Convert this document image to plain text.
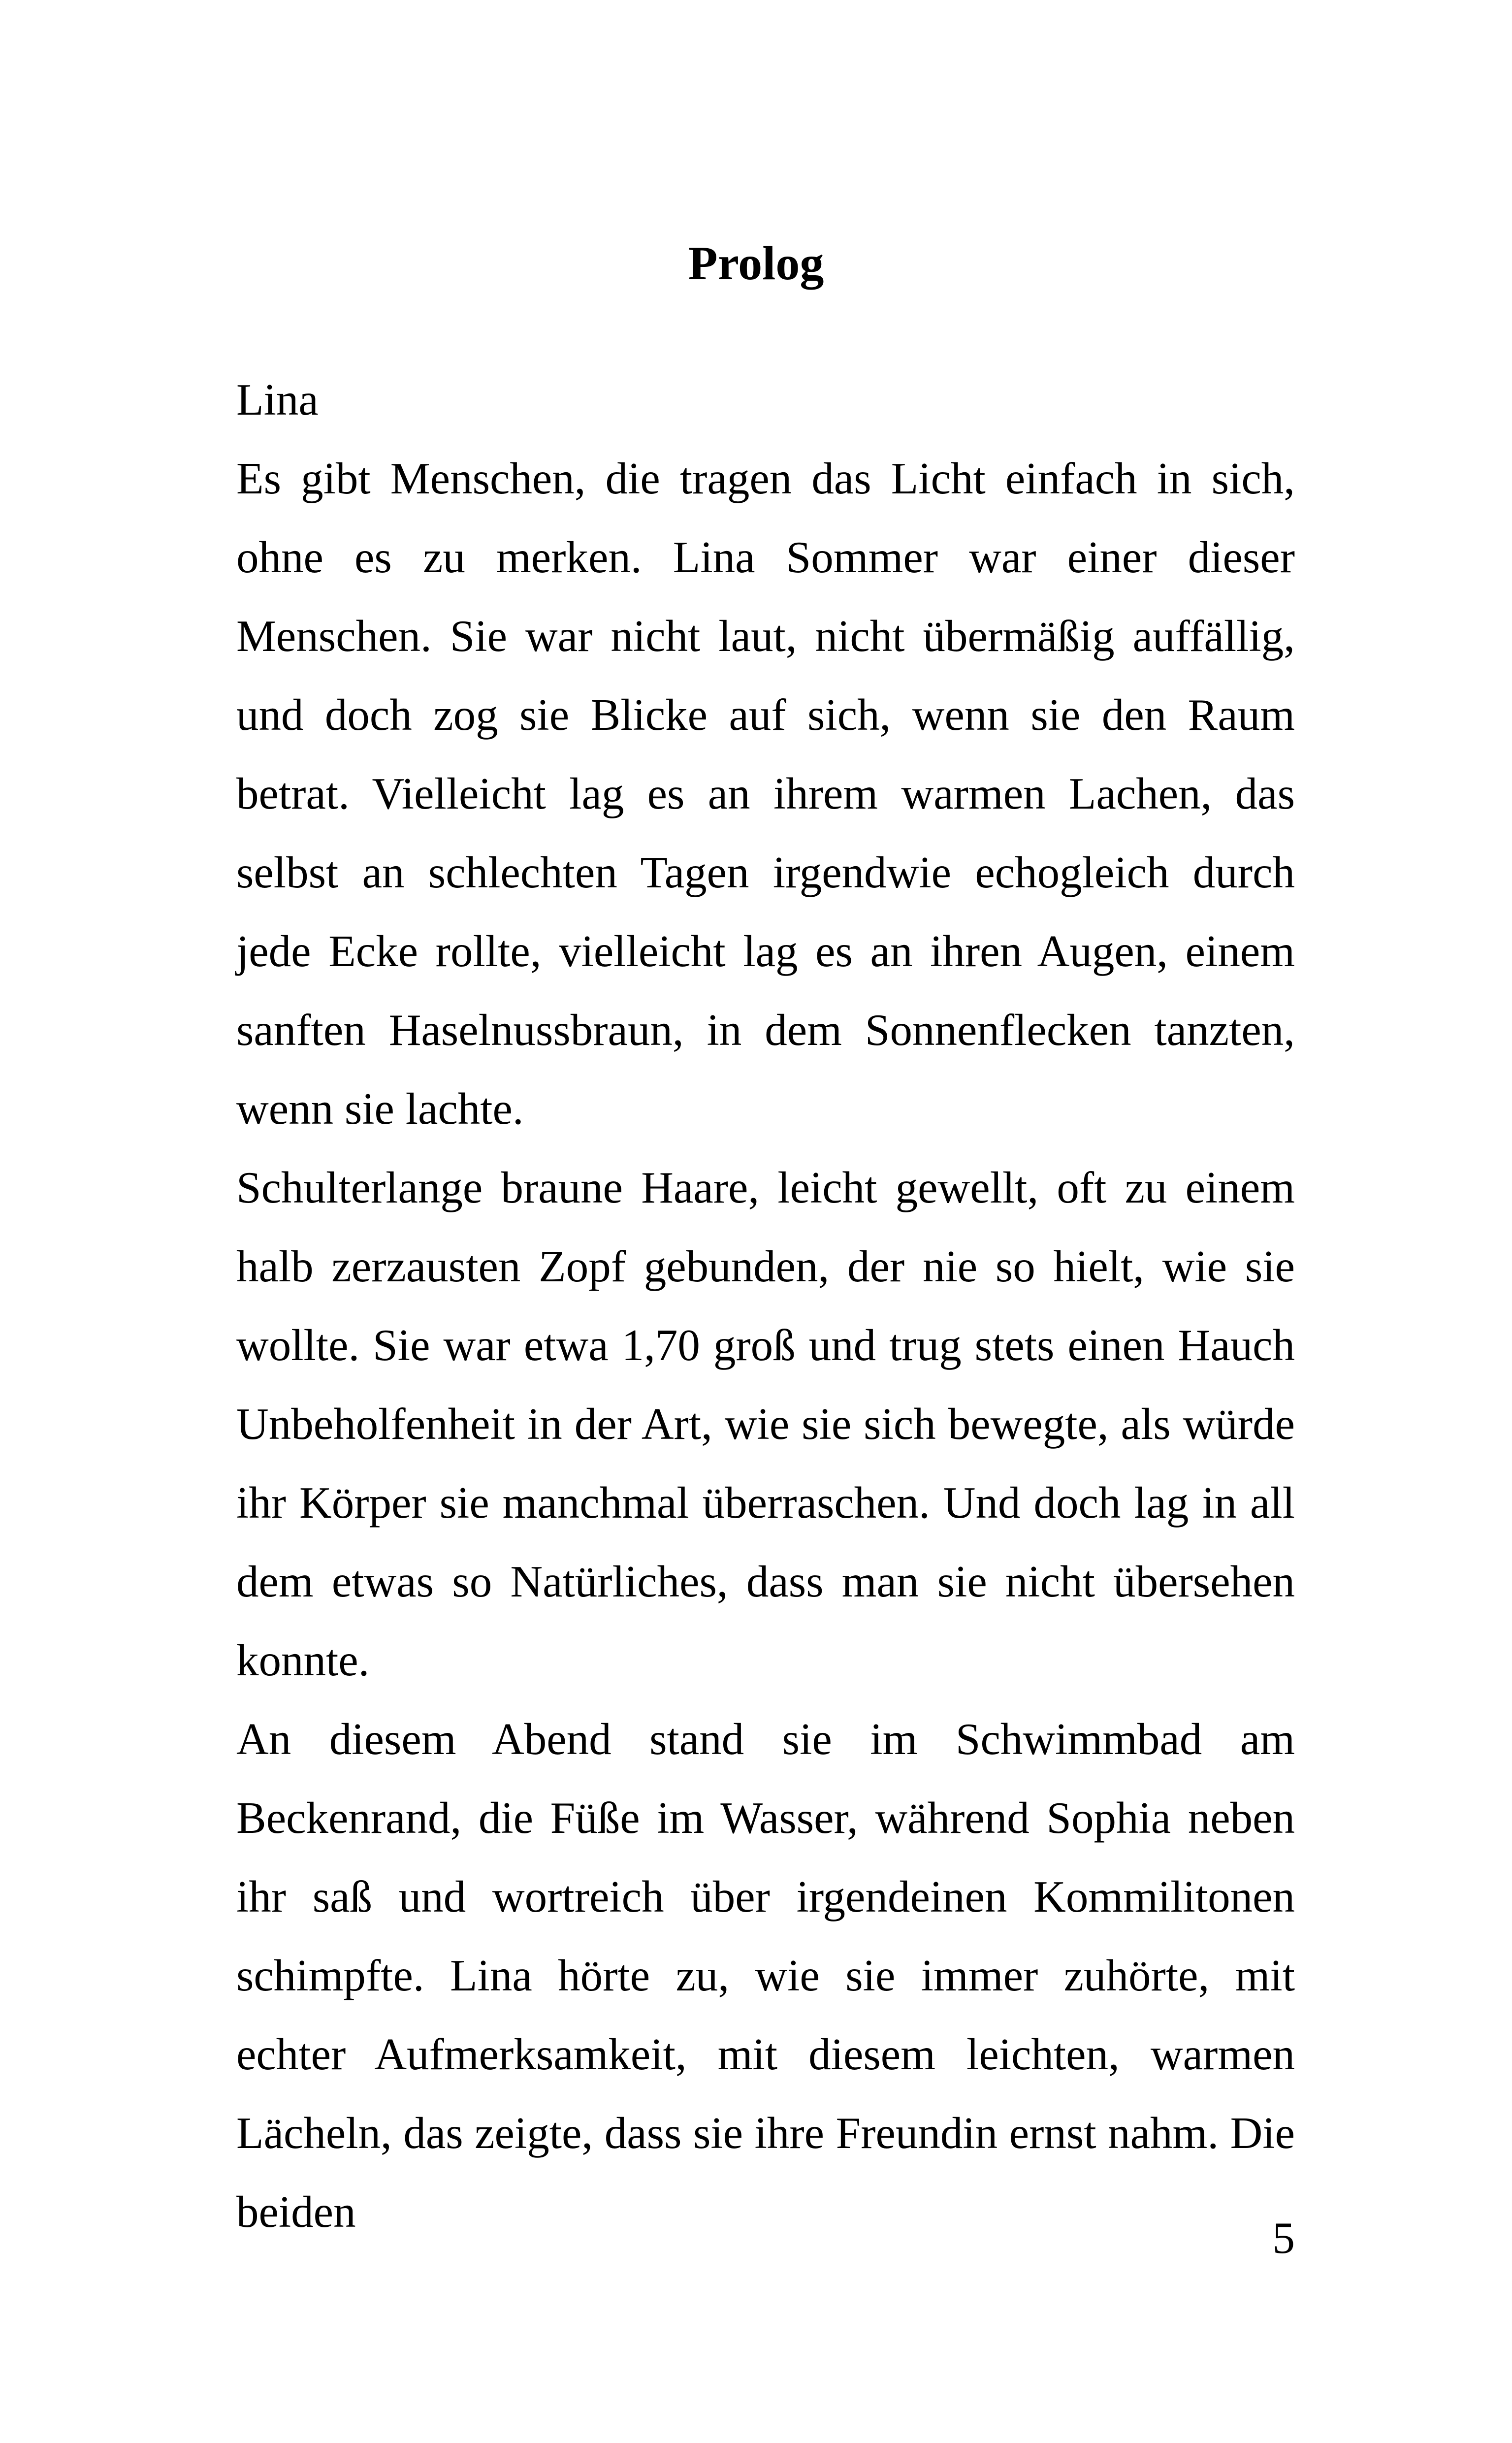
Prolog

Lina

Es gibt Menschen, die tragen das Licht einfach in sich, ohne es zu merken. Lina Sommer war einer dieser Menschen. Sie war nicht laut, nicht übermäßig auffällig, und doch zog sie Blicke auf sich, wenn sie den Raum betrat. Vielleicht lag es an ihrem warmen Lachen, das selbst an schlechten Tagen irgendwie echogleich durch jede Ecke rollte, vielleicht lag es an ihren Augen, einem sanften Haselnussbraun, in dem Sonnenflecken tanzten, wenn sie lachte.

Schulterlange braune Haare, leicht gewellt, oft zu einem halb zerzausten Zopf gebunden, der nie so hielt, wie sie wollte. Sie war etwa 1,70 groß und trug stets einen Hauch Unbeholfenheit in der Art, wie sie sich bewegte, als würde ihr Körper sie manchmal überraschen. Und doch lag in all dem etwas so Natürliches, dass man sie nicht übersehen konnte.

An diesem Abend stand sie im Schwimmbad am Beckenrand, die Füße im Wasser, während Sophia neben ihr saß und wortreich über irgendeinen Kommilitonen schimpfte. Lina hörte zu, wie sie immer zuhörte, mit echter Aufmerksamkeit, mit diesem leichten, warmen Lächeln, das zeigte, dass sie ihre Freundin ernst nahm. Die beiden

5
